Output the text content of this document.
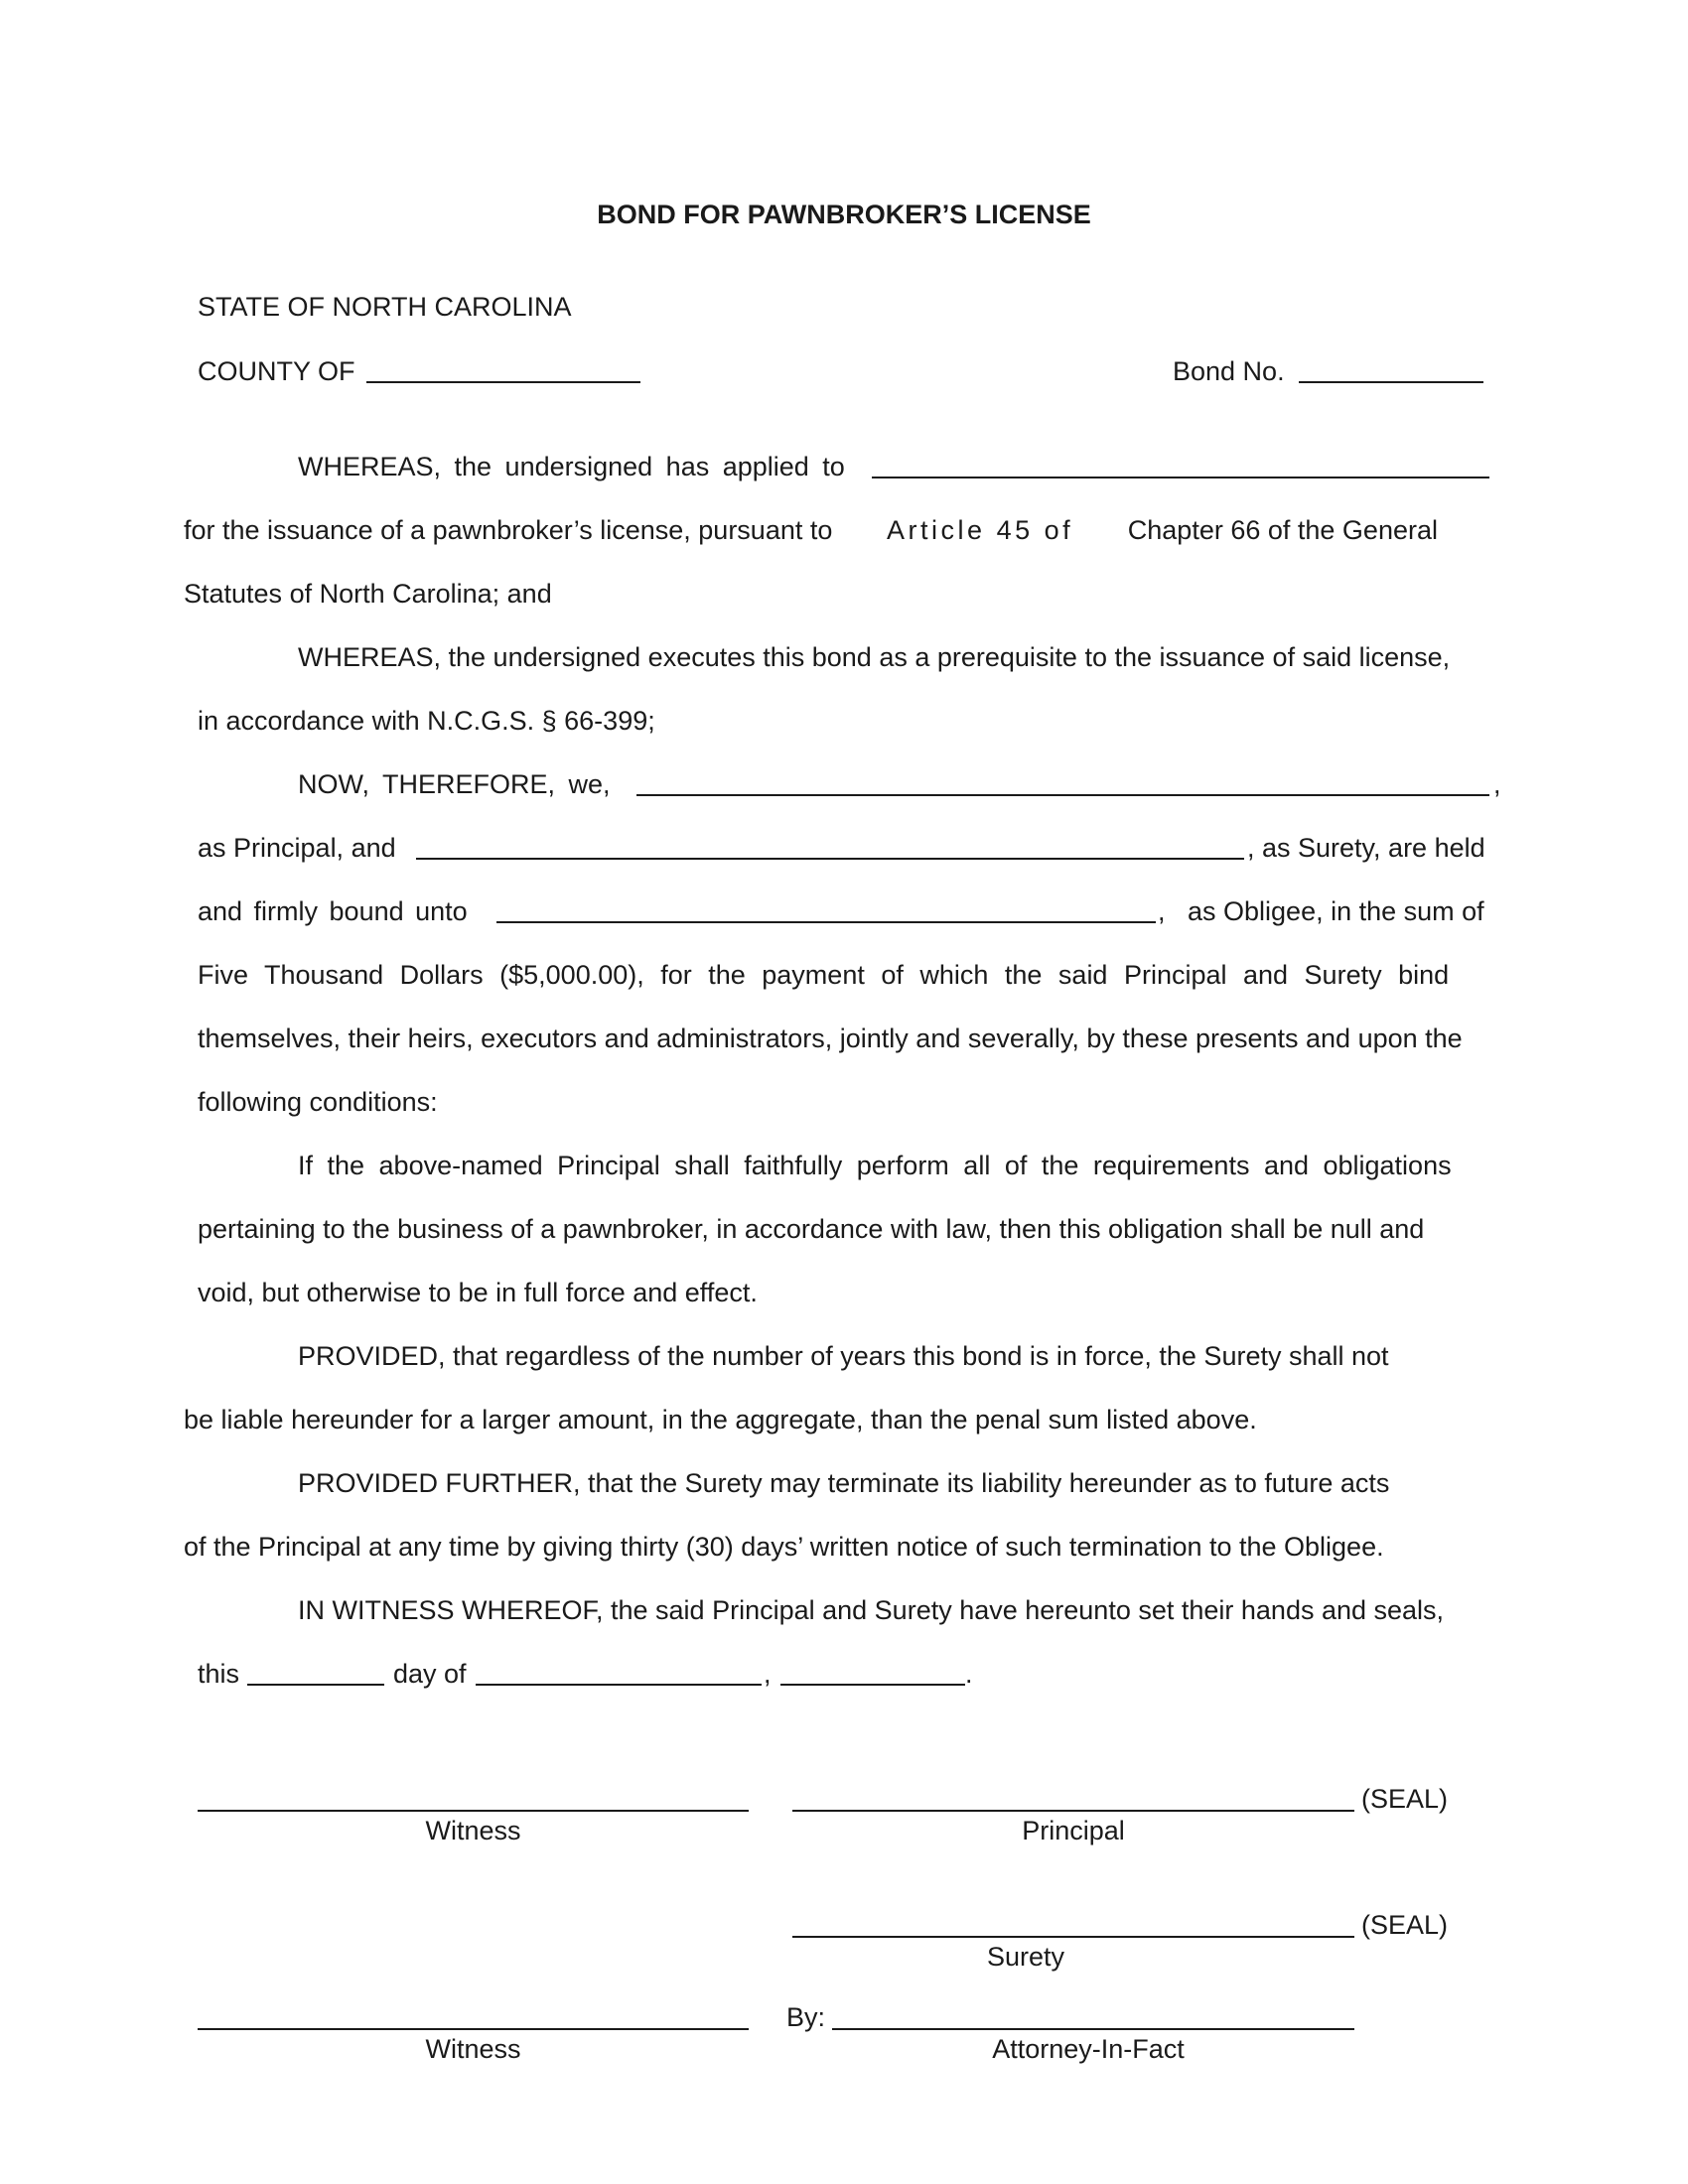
BOND FOR PAWNBROKER’S LICENSE
STATE OF NORTH CAROLINA
COUNTY OF	Bond No.
WHEREAS, the undersigned has applied to
for the issuance of a pawnbroker’s license, pursuant to Article 45 of Chapter 66 of the General
Statutes of North Carolina; and
WHEREAS, the undersigned executes this bond as a prerequisite to the issuance of said license,
in accordance with N.C.G.S. § 66-399;
NOW, THEREFORE, we,	,
as Principal, and	, as Surety, are held
and firmly bound unto	,   as Obligee, in the sum of
Five Thousand Dollars ($5,000.00), for the payment of which the said Principal and Surety bind
themselves, their heirs, executors and administrators, jointly and severally, by these presents and upon the
following conditions:
If the above-named Principal shall faithfully perform all of the requirements and obligations
pertaining to the business of a pawnbroker, in accordance with law, then this obligation shall be null and
void, but otherwise to be in full force and effect.
PROVIDED, that regardless of the number of years this bond is in force, the Surety shall not
be liable hereunder for a larger amount, in the aggregate, than the penal sum listed above.
PROVIDED FURTHER, that the Surety may terminate its liability hereunder as to future acts
of the Principal at any time by giving thirty (30) days’ written notice of such termination to the Obligee.
IN WITNESS WHEREOF, the said Principal and Surety have hereunto set their hands and seals,
this	day of	,	.
Witness
(SEAL)
Principal
(SEAL)
Surety
Witness
By:
Attorney-In-Fact
